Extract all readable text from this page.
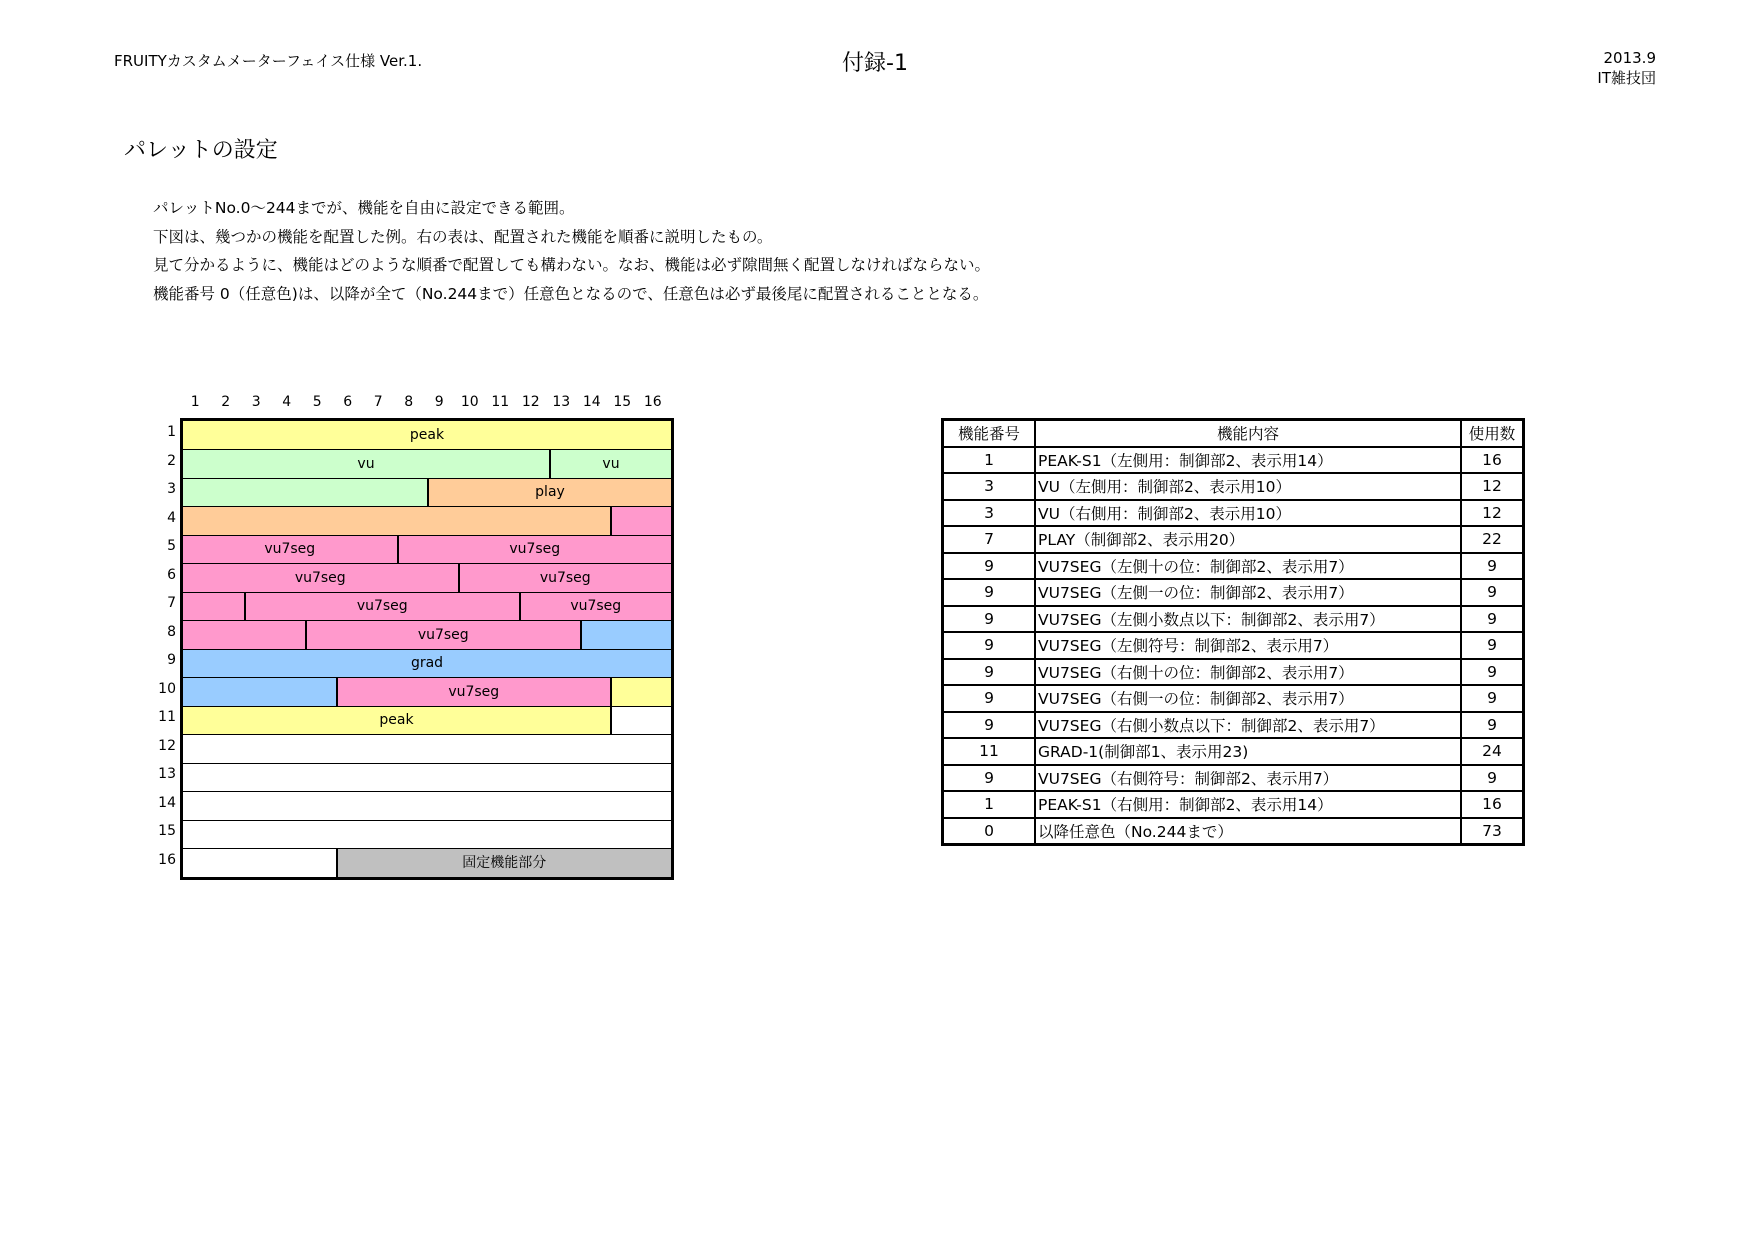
FRUITYカスタムメーターフェイス仕様 Ver.1.	付録-1	2013.9
IT雑技団
パレットの設定
パレットNo.0～244までが、機能を自由に設定できる範囲。
下図は、幾つかの機能を配置した例。右の表は、配置された機能を順番に説明したもの。
見て分かるように、機能はどのような順番で配置しても構わない。なお、機能は必ず隙間無く配置しなければならない。
機能番号 0（任意色)は、以降が全て（No.244まで）任意色となるので、任意色は必ず最後尾に配置されることとなる。
1	2	3	4	5	6	7	8	9	10 11 12 13 14 15 16
1
2
3
4
5
6
7
8
9
10
11
12
13
14
15
16
peak
vu	vu
play
vu7seg	vu7seg
vu7seg	vu7seg
vu7seg	vu7seg
vu7seg
grad
vu7seg
peak
固定機能部分
機能番号	機能内容	使用数
1	PEAK-S1（左側用：制御部2、表示用14）	16
3	VU（左側用：制御部2、表示用10）	12
3	VU（右側用：制御部2、表示用10）	12
7	PLAY（制御部2、表示用20）	22
9	VU7SEG（左側十の位：制御部2、表示用7）	9
9	VU7SEG（左側一の位：制御部2、表示用7）	9
9	VU7SEG（左側小数点以下：制御部2、表示用7）	9
9	VU7SEG（左側符号：制御部2、表示用7）	9
9	VU7SEG（右側十の位：制御部2、表示用7）	9
9	VU7SEG（右側一の位：制御部2、表示用7）	9
9	VU7SEG（右側小数点以下：制御部2、表示用7）	9
11	GRAD-1(制御部1、表示用23)	24
9	VU7SEG（右側符号：制御部2、表示用7）	9
1	PEAK-S1（右側用：制御部2、表示用14）	16
0	以降任意色（No.244まで）	73
